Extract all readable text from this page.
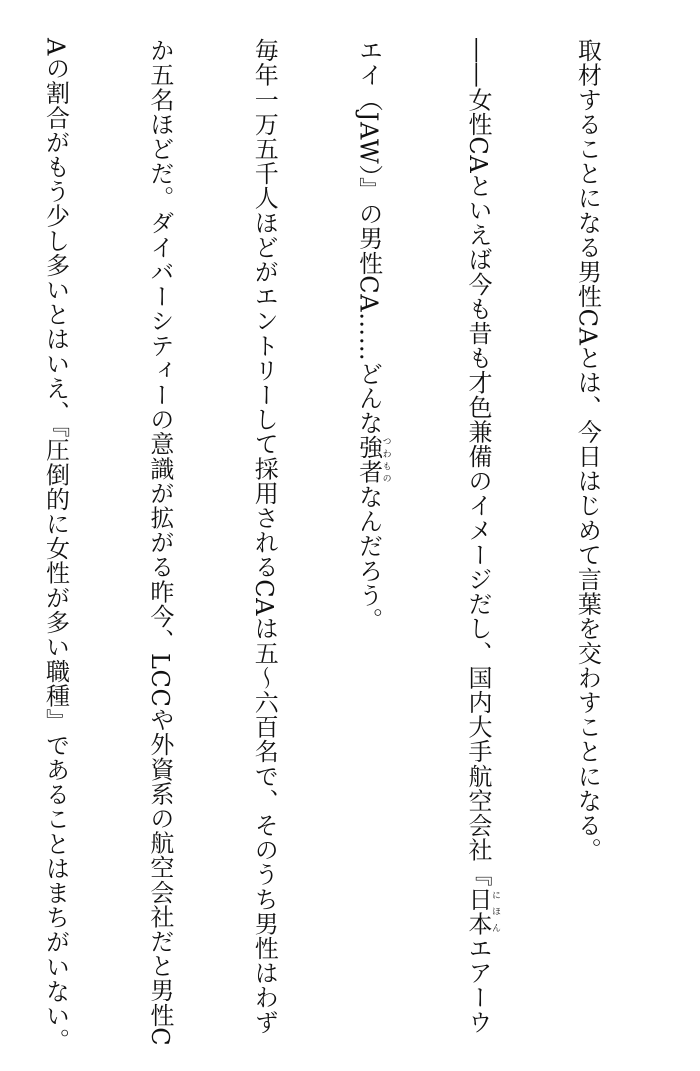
取材することになる男性CAとは、今日はじめて言葉を交わすことになる。

――女性CAといえば今も昔も才色兼備のイメージだし、国内大手航空会社『日本にほんエアーウ

エイ（JAW）』の男性CA……どんな強者つわものなんだろう。

毎年一万五千人ほどがエントリーして採用されるCAは五〜六百名で、そのうち男性はわず

か五名ほどだ。ダイバーシティーの意識が拡がる昨今、LCCや外資系の航空会社だと男性C

Aの割合がもう少し多いとはいえ、『圧倒的に女性が多い職種』であることはまちがいない。
